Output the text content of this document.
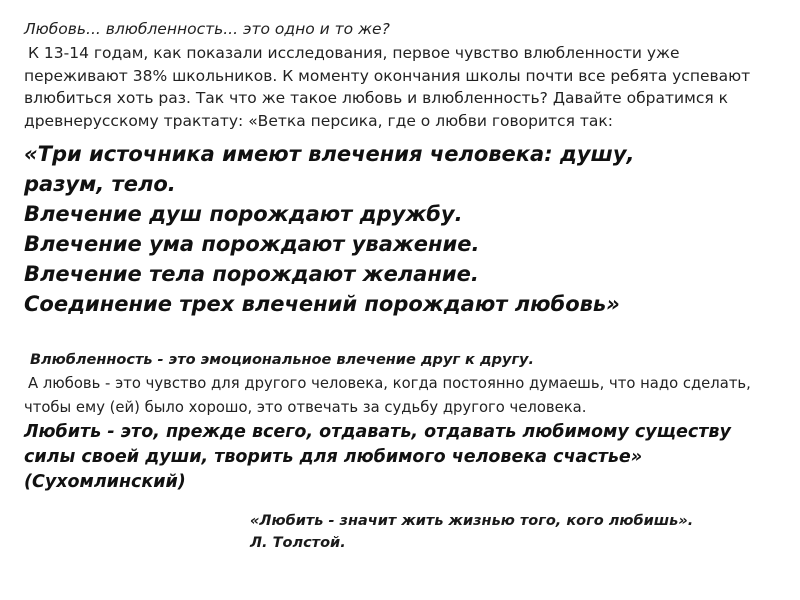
Любовь... влюбленность... это одно и то же?

К 13-14 годам, как показали исследования, первое чувство влюбленности уже переживают 38% школьников. К моменту окончания школы почти все ребята успевают влюбиться хоть раз. Так что же такое любовь и влюбленность? Давайте обратимся к древнерусскому трактату: «Ветка персика, где о любви говорится так:

«Три источника имеют влечения человека: душу,
разум, тело.
Влечение душ порождают дружбу.
Влечение ума порождают уважение.
Влечение тела порождают желание.
Соединение трех влечений порождают любовь»
Влюбленность - это эмоциональное влечение друг к другу.

А любовь - это чувство для другого человека, когда постоянно думаешь, что надо сделать, чтобы ему (ей) было хорошо, это отвечать за судьбу другого человека.

Любить - это, прежде всего, отдавать, отдавать любимому существу силы своей души, творить для любимого человека счастье» (Сухомлинский)
«Любить - значит жить жизнью того, кого любишь». Л. Толстой.
